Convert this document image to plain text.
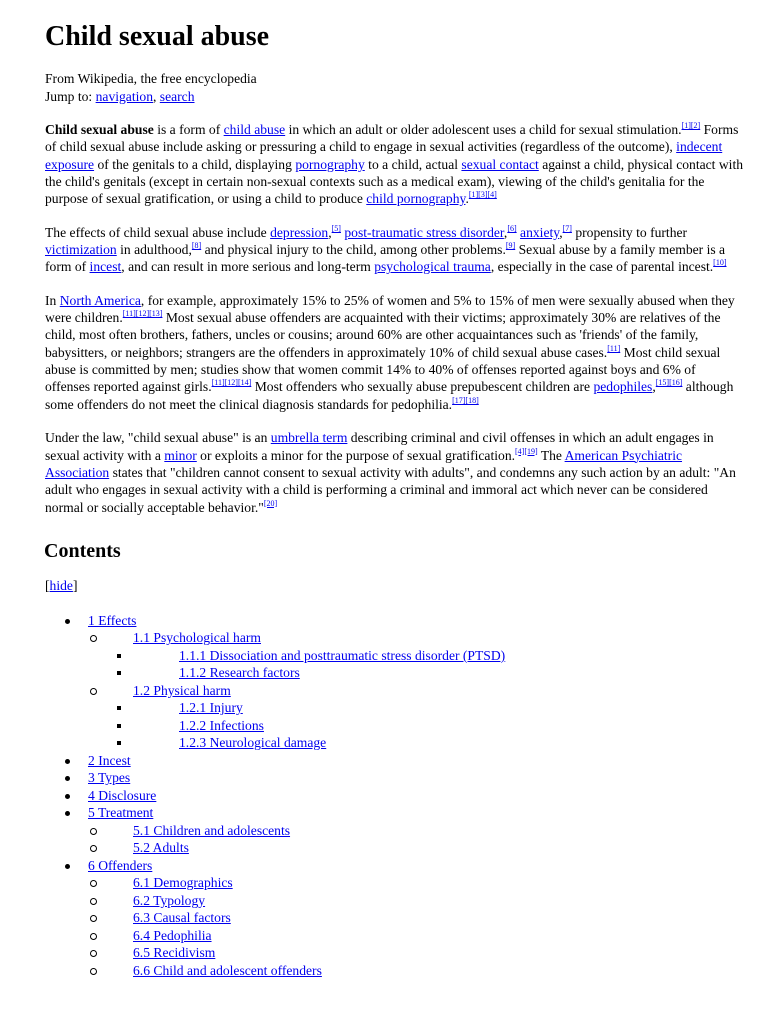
Child sexual abuse
From Wikipedia, the free encyclopedia
Jump to: navigation, search

Child sexual abuse is a form of child abuse in which an adult or older adolescent uses a child for sexual stimulation.[1][2] Forms of child sexual abuse include asking or pressuring a child to engage in sexual activities (regardless of the outcome), indecent exposure of the genitals to a child, displaying pornography to a child, actual sexual contact against a child, physical contact with the child's genitals (except in certain non-sexual contexts such as a medical exam), viewing of the child's genitalia for the purpose of sexual gratification, or using a child to produce child pornography.[1][3][4]

The effects of child sexual abuse include depression,[5] post-traumatic stress disorder,[6] anxiety,[7] propensity to further victimization in adulthood,[8] and physical injury to the child, among other problems.[9] Sexual abuse by a family member is a form of incest, and can result in more serious and long-term psychological trauma, especially in the case of parental incest.[10]

In North America, for example, approximately 15% to 25% of women and 5% to 15% of men were sexually abused when they were children.[11][12][13] Most sexual abuse offenders are acquainted with their victims; approximately 30% are relatives of the child, most often brothers, fathers, uncles or cousins; around 60% are other acquaintances such as 'friends' of the family, babysitters, or neighbors; strangers are the offenders in approximately 10% of child sexual abuse cases.[11] Most child sexual abuse is committed by men; studies show that women commit 14% to 40% of offenses reported against boys and 6% of offenses reported against girls.[11][12][14] Most offenders who sexually abuse prepubescent children are pedophiles,[15][16] although some offenders do not meet the clinical diagnosis standards for pedophilia.[17][18]

Under the law, "child sexual abuse" is an umbrella term describing criminal and civil offenses in which an adult engages in sexual activity with a minor or exploits a minor for the purpose of sexual gratification.[4][19] The American Psychiatric Association states that "children cannot consent to sexual activity with adults", and condemns any such action by an adult: "An adult who engages in sexual activity with a child is performing a criminal and immoral act which never can be considered normal or socially acceptable behavior."[20]

Contents
[hide]
1 Effects
1.1 Psychological harm
1.1.1 Dissociation and posttraumatic stress disorder (PTSD)
1.1.2 Research factors
1.2 Physical harm
1.2.1 Injury
1.2.2 Infections
1.2.3 Neurological damage
2 Incest
3 Types
4 Disclosure
5 Treatment
5.1 Children and adolescents
5.2 Adults
6 Offenders
6.1 Demographics
6.2 Typology
6.3 Causal factors
6.4 Pedophilia
6.5 Recidivism
6.6 Child and adolescent offenders
